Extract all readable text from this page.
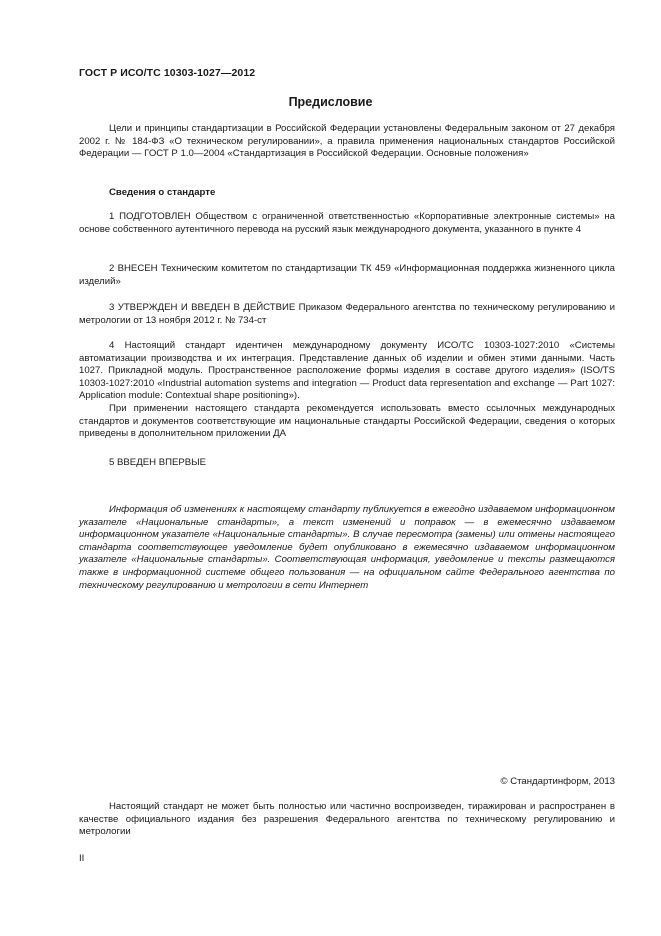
ГОСТ Р ИСО/ТС 10303-1027—2012
Предисловие

Цели и принципы стандартизации в Российской Федерации установлены Федеральным законом от 27 декабря 2002 г. № 184-ФЗ «О техническом регулировании», а правила применения национальных стандартов Российской Федерации — ГОСТ Р 1.0—2004 «Стандартизация в Российской Федерации. Основные положения»

Сведения о стандарте

1 ПОДГОТОВЛЕН Обществом с ограниченной ответственностью «Корпоративные электронные системы» на основе собственного аутентичного перевода на русский язык международного документа, указанного в пункте 4

2 ВНЕСЕН Техническим комитетом по стандартизации ТК 459 «Информационная поддержка жизненного цикла изделий»

3 УТВЕРЖДЕН И ВВЕДЕН В ДЕЙСТВИЕ Приказом Федерального агентства по техническому регулированию и метрологии от 13 ноября 2012 г. № 734-ст

4 Настоящий стандарт идентичен международному документу ИСО/ТС 10303-1027:2010 «Системы автоматизации производства и их интеграция. Представление данных об изделии и обмен этими данными. Часть 1027. Прикладной модуль. Пространственное расположение формы изделия в составе другого изделия» (ISO/TS 10303-1027:2010 «Industrial automation systems and integration — Product data representation and exchange — Part 1027: Application module: Contextual shape positioning»).

При применении настоящего стандарта рекомендуется использовать вместо ссылочных международных стандартов и документов соответствующие им национальные стандарты Российской Федерации, сведения о которых приведены в дополнительном приложении ДА

5 ВВЕДЕН ВПЕРВЫЕ

Информация об изменениях к настоящему стандарту публикуется в ежегодно издаваемом информационном указателе «Национальные стандарты», а текст изменений и поправок — в ежемесячно издаваемом информационном указателе «Национальные стандарты». В случае пересмотра (замены) или отмены настоящего стандарта соответствующее уведомление будет опубликовано в ежемесячно издаваемом информационном указателе «Национальные стандарты». Соответствующая информация, уведомление и тексты размещаются также в информационной системе общего пользования — на официальном сайте Федерального агентства по техническому регулированию и метрологии в сети Интернет

© Стандартинформ, 2013

Настоящий стандарт не может быть полностью или частично воспроизведен, тиражирован и распространен в качестве официального издания без разрешения Федерального агентства по техническому регулированию и метрологии

II
